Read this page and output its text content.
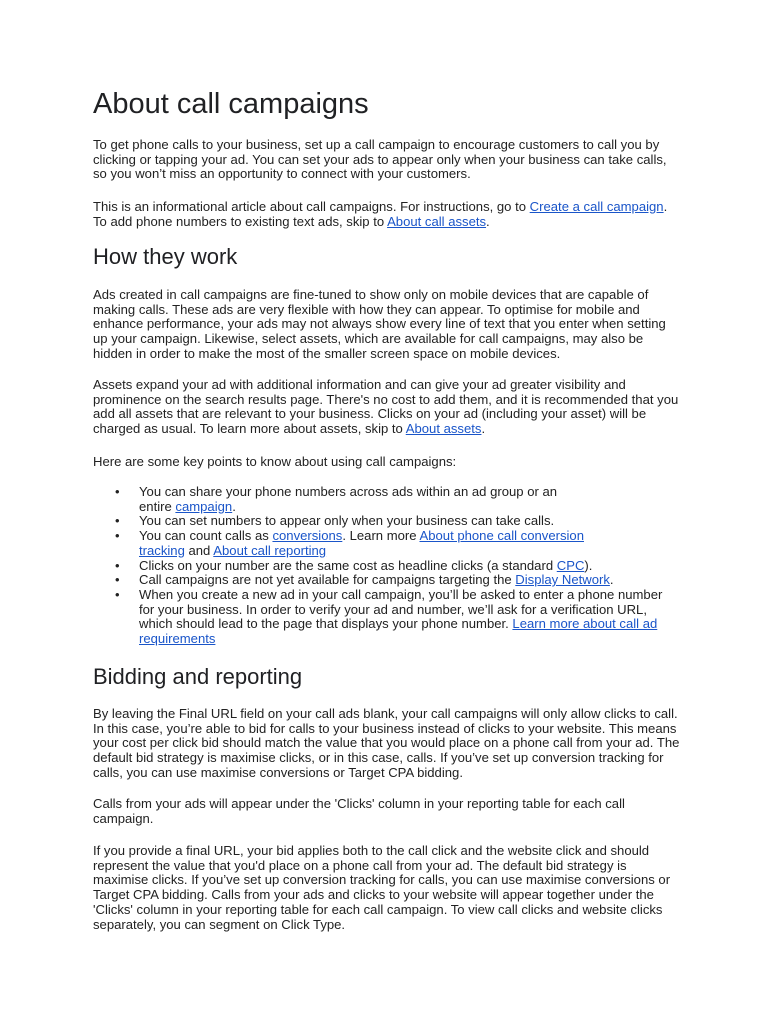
About call campaigns

To get phone calls to your business, set up a call campaign to encourage customers to call you by clicking or tapping your ad. You can set your ads to appear only when your business can take calls, so you won’t miss an opportunity to connect with your customers.

This is an informational article about call campaigns. For instructions, go to Create a call campaign. To add phone numbers to existing text ads, skip to About call assets.

How they work

Ads created in call campaigns are fine-tuned to show only on mobile devices that are capable of making calls. These ads are very flexible with how they can appear. To optimise for mobile and enhance performance, your ads may not always show every line of text that you enter when setting up your campaign. Likewise, select assets, which are available for call campaigns, may also be hidden in order to make the most of the smaller screen space on mobile devices.

Assets expand your ad with additional information and can give your ad greater visibility and prominence on the search results page. There's no cost to add them, and it is recommended that you add all assets that are relevant to your business. Clicks on your ad (including your asset) will be charged as usual. To learn more about assets, skip to About assets.

Here are some key points to know about using call campaigns:

• You can share your phone numbers across ads within an ad group or an entire campaign.
• You can set numbers to appear only when your business can take calls.
• You can count calls as conversions. Learn more About phone call conversion tracking and About call reporting
• Clicks on your number are the same cost as headline clicks (a standard CPC).
• Call campaigns are not yet available for campaigns targeting the Display Network.
• When you create a new ad in your call campaign, you’ll be asked to enter a phone number for your business. In order to verify your ad and number, we’ll ask for a verification URL, which should lead to the page that displays your phone number. Learn more about call ad requirements
Bidding and reporting

By leaving the Final URL field on your call ads blank, your call campaigns will only allow clicks to call. In this case, you’re able to bid for calls to your business instead of clicks to your website. This means your cost per click bid should match the value that you would place on a phone call from your ad. The default bid strategy is maximise clicks, or in this case, calls. If you’ve set up conversion tracking for calls, you can use maximise conversions or Target CPA bidding.

Calls from your ads will appear under the 'Clicks' column in your reporting table for each call campaign.

If you provide a final URL, your bid applies both to the call click and the website click and should represent the value that you'd place on a phone call from your ad. The default bid strategy is maximise clicks. If you’ve set up conversion tracking for calls, you can use maximise conversions or Target CPA bidding. Calls from your ads and clicks to your website will appear together under the 'Clicks' column in your reporting table for each call campaign. To view call clicks and website clicks separately, you can segment on Click Type.
